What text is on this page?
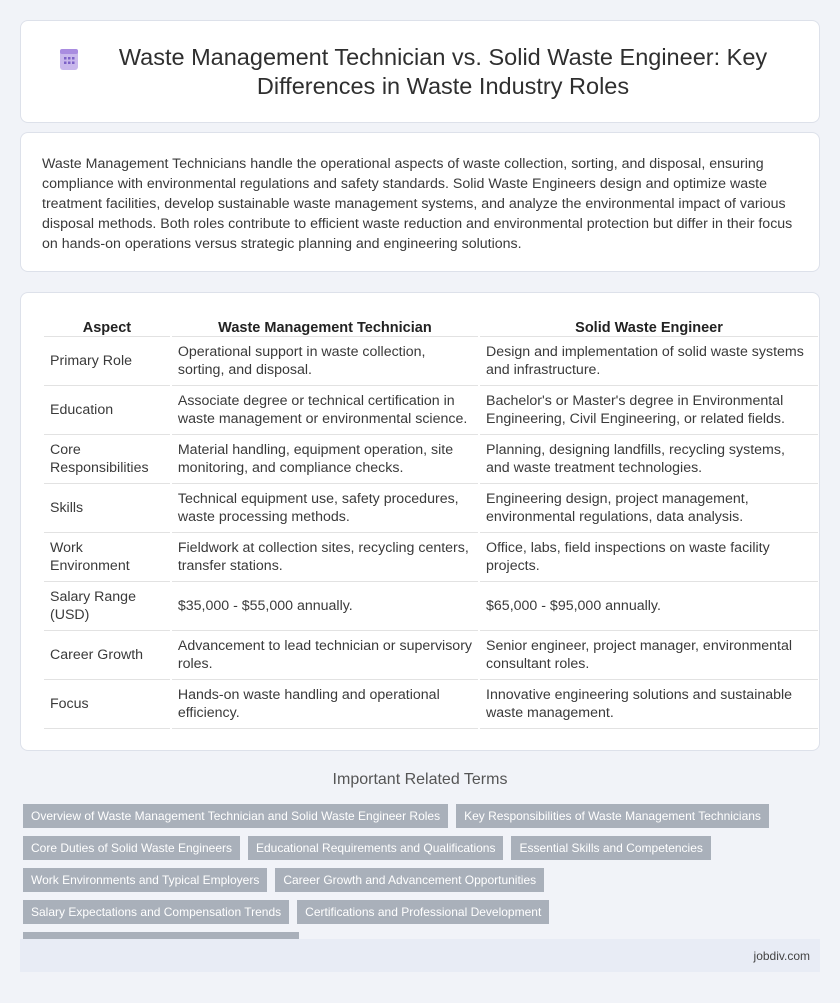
Waste Management Technician vs. Solid Waste Engineer: Key Differences in Waste Industry Roles

Waste Management Technicians handle the operational aspects of waste collection, sorting, and disposal, ensuring compliance with environmental regulations and safety standards. Solid Waste Engineers design and optimize waste treatment facilities, develop sustainable waste management systems, and analyze the environmental impact of various disposal methods. Both roles contribute to efficient waste reduction and environmental protection but differ in their focus on hands-on operations versus strategic planning and engineering solutions.

Aspect	Waste Management Technician	Solid Waste Engineer
Primary Role	Operational support in waste collection, sorting, and disposal.	Design and implementation of solid waste systems and infrastructure.
Education	Associate degree or technical certification in waste management or environmental science.	Bachelor's or Master's degree in Environmental Engineering, Civil Engineering, or related fields.
Core Responsibilities	Material handling, equipment operation, site monitoring, and compliance checks.	Planning, designing landfills, recycling systems, and waste treatment technologies.
Skills	Technical equipment use, safety procedures, waste processing methods.	Engineering design, project management, environmental regulations, data analysis.
Work Environment	Fieldwork at collection sites, recycling centers, transfer stations.	Office, labs, field inspections on waste facility projects.
Salary Range (USD)	$35,000 - $55,000 annually.	$65,000 - $95,000 annually.
Career Growth	Advancement to lead technician or supervisory roles.	Senior engineer, project manager, environmental consultant roles.
Focus	Hands-on waste handling and operational efficiency.	Innovative engineering solutions and sustainable waste management.
Important Related Terms
Overview of Waste Management Technician and Solid Waste Engineer Roles	Key Responsibilities of Waste Management Technicians
Core Duties of Solid Waste Engineers	Educational Requirements and Qualifications	Essential Skills and Competencies
Work Environments and Typical Employers	Career Growth and Advancement Opportunities
Salary Expectations and Compensation Trends	Certifications and Professional Development
jobdiv.com
